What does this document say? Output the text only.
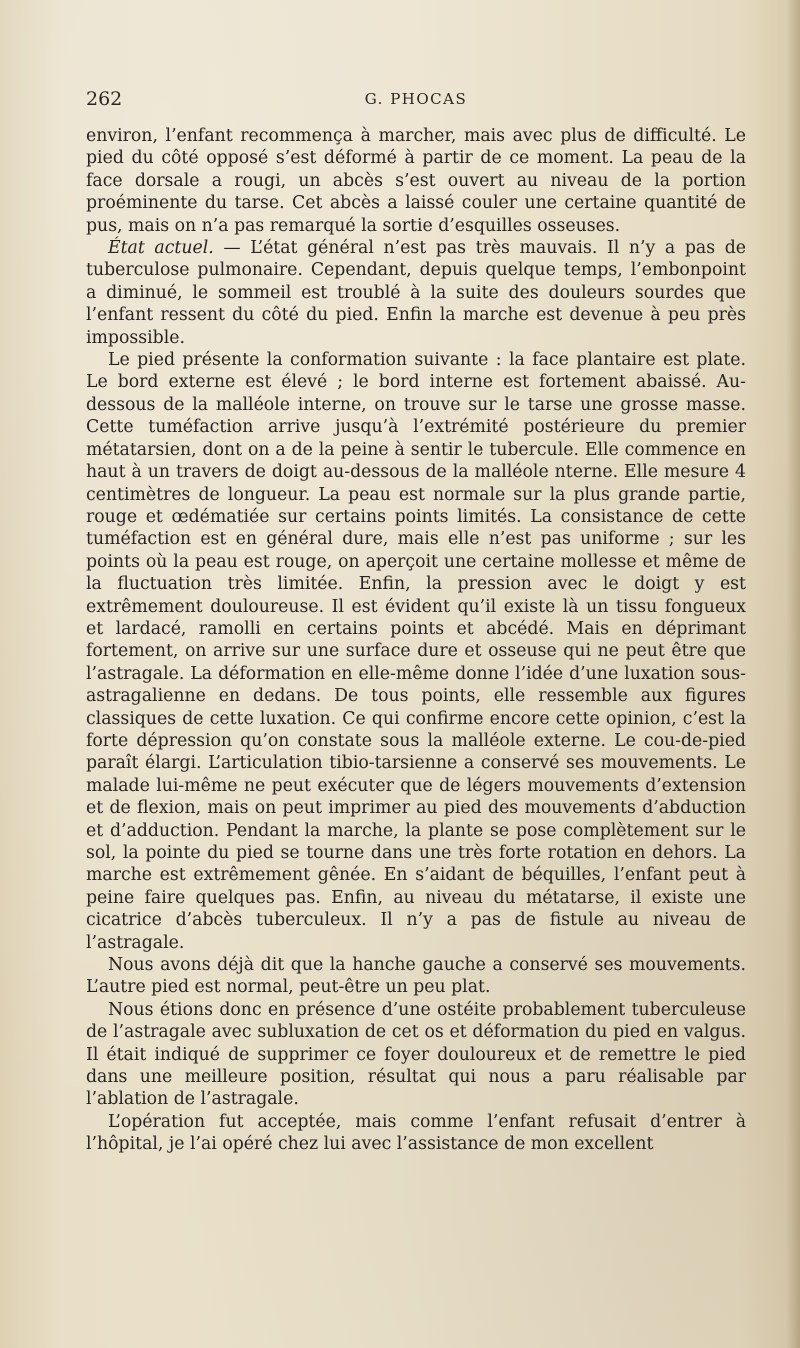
262	G. PHOCAS

environ, l’enfant recommença à marcher, mais avec plus de difficulté. Le pied du côté opposé s’est déformé à partir de ce moment. La peau de la face dorsale a rougi, un abcès s’est ouvert au niveau de la portion proéminente du tarse. Cet abcès a laissé couler une certaine quantité de pus, mais on n’a pas remarqué la sortie d’esquilles osseuses.

État actuel. — L’état général n’est pas très mauvais. Il n’y a pas de tuberculose pulmonaire. Cependant, depuis quelque temps, l’embonpoint a diminué, le sommeil est troublé à la suite des douleurs sourdes que l’enfant ressent du côté du pied. Enfin la marche est devenue à peu près impossible.

Le pied présente la conformation suivante : la face plantaire est plate. Le bord externe est élevé ; le bord interne est fortement abaissé. Au-dessous de la malléole interne, on trouve sur le tarse une grosse masse. Cette tuméfaction arrive jusqu’à l’extrémité postérieure du premier métatarsien, dont on a de la peine à sentir le tubercule. Elle commence en haut à un travers de doigt au-dessous de la malléole nterne. Elle mesure 4 centimètres de longueur. La peau est normale sur la plus grande partie, rouge et œdématiée sur certains points limités. La consistance de cette tuméfaction est en général dure, mais elle n’est pas uniforme ; sur les points où la peau est rouge, on aperçoit une certaine mollesse et même de la fluctuation très limitée. Enfin, la pression avec le doigt y est extrêmement douloureuse. Il est évident qu’il existe là un tissu fongueux et lardacé, ramolli en certains points et abcédé. Mais en déprimant fortement, on arrive sur une surface dure et osseuse qui ne peut être que l’astragale. La déformation en elle-même donne l’idée d’une luxation sous-astragalienne en dedans. De tous points, elle ressemble aux figures classiques de cette luxation. Ce qui confirme encore cette opinion, c’est la forte dépression qu’on constate sous la malléole externe. Le cou-de-pied paraît élargi. L’articulation tibio-tarsienne a conservé ses mouvements. Le malade lui-même ne peut exécuter que de légers mouvements d’extension et de flexion, mais on peut imprimer au pied des mouvements d’abduction et d’adduction. Pendant la marche, la plante se pose complètement sur le sol, la pointe du pied se tourne dans une très forte rotation en dehors. La marche est extrêmement gênée. En s’aidant de béquilles, l’enfant peut à peine faire quelques pas. Enfin, au niveau du métatarse, il existe une cicatrice d’abcès tuberculeux. Il n’y a pas de fistule au niveau de l’astragale.

Nous avons déjà dit que la hanche gauche a conservé ses mouvements. L’autre pied est normal, peut-être un peu plat.

Nous étions donc en présence d’une ostéite probablement tuberculeuse de l’astragale avec subluxation de cet os et déformation du pied en valgus. Il était indiqué de supprimer ce foyer douloureux et de remettre le pied dans une meilleure position, résultat qui nous a paru réalisable par l’ablation de l’astragale.

L’opération fut acceptée, mais comme l’enfant refusait d’entrer à l’hôpital, je l’ai opéré chez lui avec l’assistance de mon excellent
